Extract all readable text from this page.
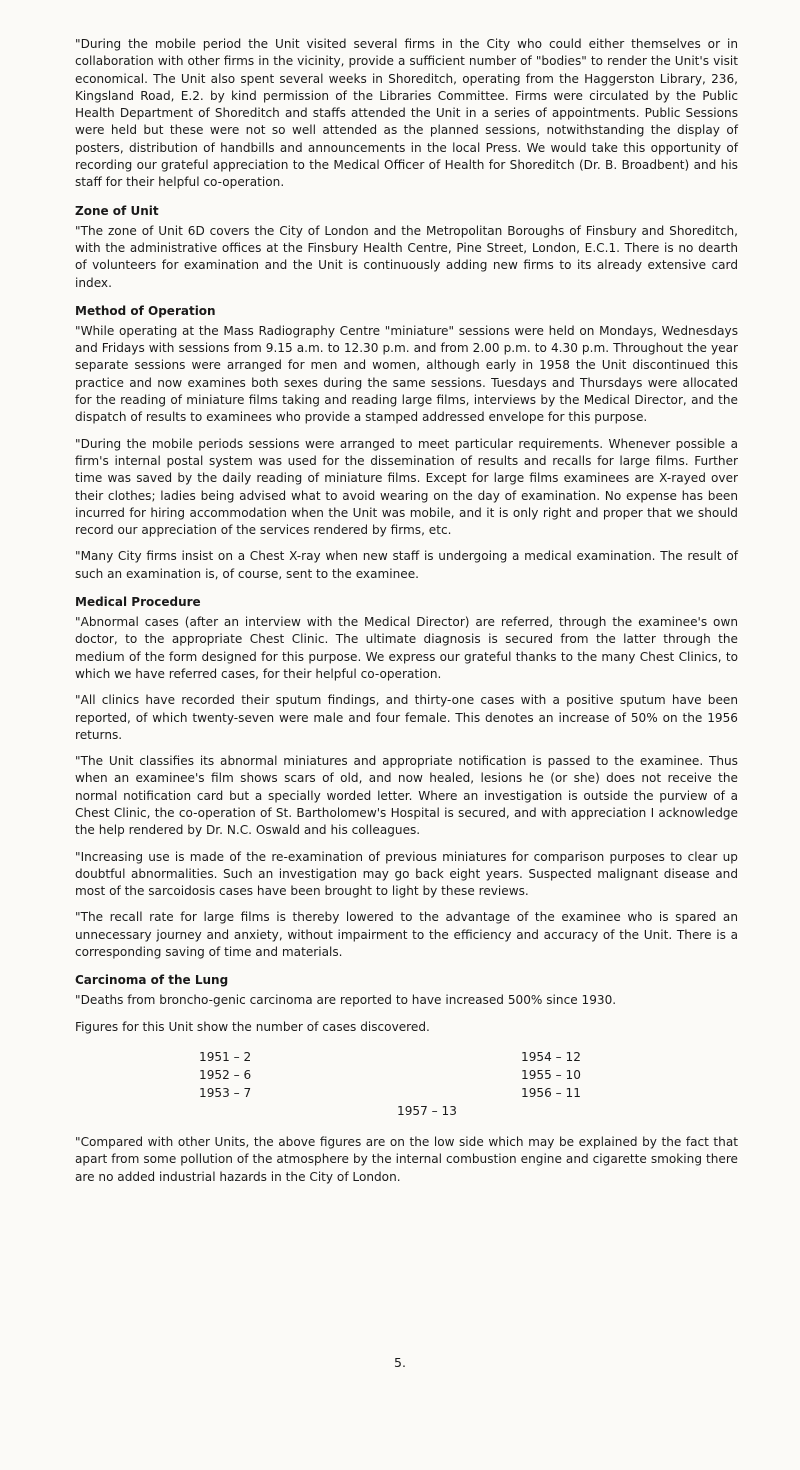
"During the mobile period the Unit visited several firms in the City who could either themselves or in collaboration with other firms in the vicinity, provide a sufficient number of "bodies" to render the Unit's visit economical. The Unit also spent several weeks in Shoreditch, operating from the Haggerston Library, 236, Kingsland Road, E.2. by kind permission of the Libraries Committee. Firms were circulated by the Public Health Department of Shoreditch and staffs attended the Unit in a series of appointments. Public Sessions were held but these were not so well attended as the planned sessions, notwithstanding the display of posters, distribution of handbills and announcements in the local Press. We would take this opportunity of recording our grateful appreciation to the Medical Officer of Health for Shoreditch (Dr. B. Broadbent) and his staff for their helpful co-operation.

Zone of Unit

"The zone of Unit 6D covers the City of London and the Metropolitan Boroughs of Finsbury and Shoreditch, with the administrative offices at the Finsbury Health Centre, Pine Street, London, E.C.1. There is no dearth of volunteers for examination and the Unit is continuously adding new firms to its already extensive card index.

Method of Operation

"While operating at the Mass Radiography Centre "miniature" sessions were held on Mondays, Wednesdays and Fridays with sessions from 9.15 a.m. to 12.30 p.m. and from 2.00 p.m. to 4.30 p.m. Throughout the year separate sessions were arranged for men and women, although early in 1958 the Unit discontinued this practice and now examines both sexes during the same sessions. Tuesdays and Thursdays were allocated for the reading of miniature films taking and reading large films, interviews by the Medical Director, and the dispatch of results to examinees who provide a stamped addressed envelope for this purpose.

"During the mobile periods sessions were arranged to meet particular requirements. Whenever possible a firm's internal postal system was used for the dissemination of results and recalls for large films. Further time was saved by the daily reading of miniature films. Except for large films examinees are X-rayed over their clothes; ladies being advised what to avoid wearing on the day of examination. No expense has been incurred for hiring accommodation when the Unit was mobile, and it is only right and proper that we should record our appreciation of the services rendered by firms, etc.

"Many City firms insist on a Chest X-ray when new staff is undergoing a medical examination. The result of such an examination is, of course, sent to the examinee.

Medical Procedure

"Abnormal cases (after an interview with the Medical Director) are referred, through the examinee's own doctor, to the appropriate Chest Clinic. The ultimate diagnosis is secured from the latter through the medium of the form designed for this purpose. We express our grateful thanks to the many Chest Clinics, to which we have referred cases, for their helpful co-operation.

"All clinics have recorded their sputum findings, and thirty-one cases with a positive sputum have been reported, of which twenty-seven were male and four female. This denotes an increase of 50% on the 1956 returns.

"The Unit classifies its abnormal miniatures and appropriate notification is passed to the examinee. Thus when an examinee's film shows scars of old, and now healed, lesions he (or she) does not receive the normal notification card but a specially worded letter. Where an investigation is outside the purview of a Chest Clinic, the co-operation of St. Bartholomew's Hospital is secured, and with appreciation I acknowledge the help rendered by Dr. N.C. Oswald and his colleagues.

"Increasing use is made of the re-examination of previous miniatures for comparison purposes to clear up doubtful abnormalities. Such an investigation may go back eight years. Suspected malignant disease and most of the sarcoidosis cases have been brought to light by these reviews.

"The recall rate for large films is thereby lowered to the advantage of the examinee who is spared an unnecessary journey and anxiety, without impairment to the efficiency and accuracy of the Unit. There is a corresponding saving of time and materials.

Carcinoma of the Lung

"Deaths from broncho-genic carcinoma are reported to have increased 500% since 1930.

Figures for this Unit show the number of cases discovered.

1951 – 2	1954 – 12
1952 – 6	1955 – 10
1953 – 7	1956 – 11
1957 – 13

"Compared with other Units, the above figures are on the low side which may be explained by the fact that apart from some pollution of the atmosphere by the internal combustion engine and cigarette smoking there are no added industrial hazards in the City of London.

5.
